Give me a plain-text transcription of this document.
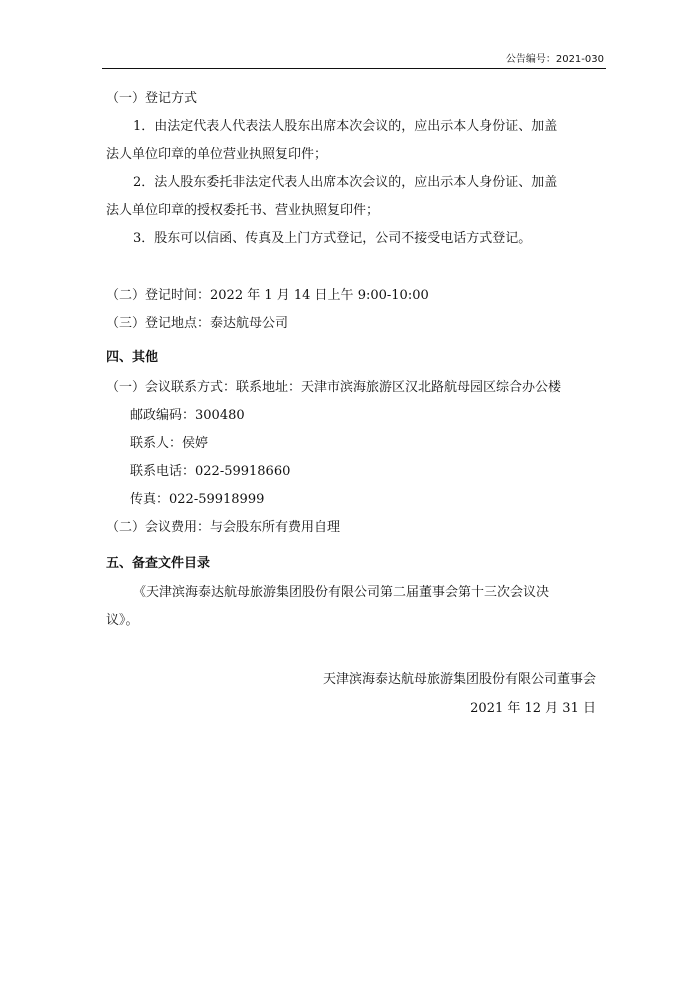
公告编号：2021-030
（一）登记方式
1．由法定代表人代表法人股东出席本次会议的，应出示本人身份证、加盖
法人单位印章的单位营业执照复印件；
2．法人股东委托非法定代表人出席本次会议的，应出示本人身份证、加盖
法人单位印章的授权委托书、营业执照复印件；
3．股东可以信函、传真及上门方式登记，公司不接受电话方式登记。
（二）登记时间：2022 年 1 月 14 日上午 9:00-10:00
（三）登记地点：泰达航母公司
四、其他
（一）会议联系方式：联系地址：天津市滨海旅游区汉北路航母园区综合办公楼
邮政编码：300480
联系人：侯婷
联系电话：022-59918660
传真：022-59918999
（二）会议费用：与会股东所有费用自理
五、备查文件目录
《天津滨海泰达航母旅游集团股份有限公司第二届董事会第十三次会议决
议》。
天津滨海泰达航母旅游集团股份有限公司董事会
2021 年 12 月 31 日
